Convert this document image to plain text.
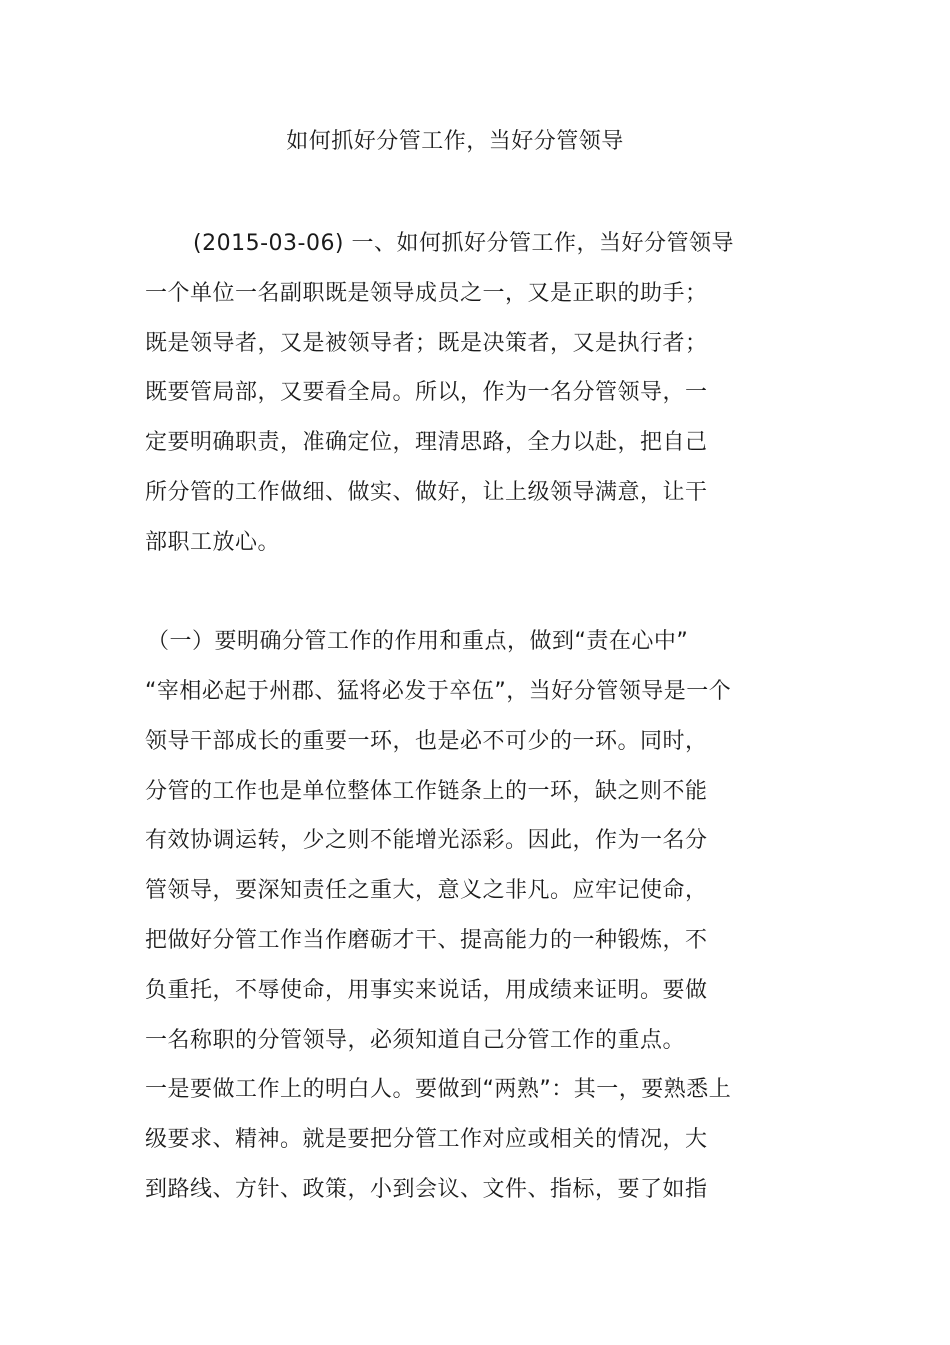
如何抓好分管工作，当好分管领导

(2015-03-06) 一、如何抓好分管工作，当好分管领导

一个单位一名副职既是领导成员之一，又是正职的助手；

既是领导者，又是被领导者；既是决策者，又是执行者；

既要管局部，又要看全局。所以，作为一名分管领导，一

定要明确职责，准确定位，理清思路，全力以赴，把自己

所分管的工作做细、做实、做好，让上级领导满意，让干

部职工放心。

（一）要明确分管工作的作用和重点，做到“责在心中”

“宰相必起于州郡、猛将必发于卒伍”，当好分管领导是一个

领导干部成长的重要一环，也是必不可少的一环。同时，

分管的工作也是单位整体工作链条上的一环，缺之则不能

有效协调运转，少之则不能增光添彩。因此，作为一名分

管领导，要深知责任之重大，意义之非凡。应牢记使命，

把做好分管工作当作磨砺才干、提高能力的一种锻炼，不

负重托，不辱使命，用事实来说话，用成绩来证明。要做

一名称职的分管领导，必须知道自己分管工作的重点。

一是要做工作上的明白人。要做到“两熟”：其一，要熟悉上

级要求、精神。就是要把分管工作对应或相关的情况，大

到路线、方针、政策，小到会议、文件、指标，要了如指
